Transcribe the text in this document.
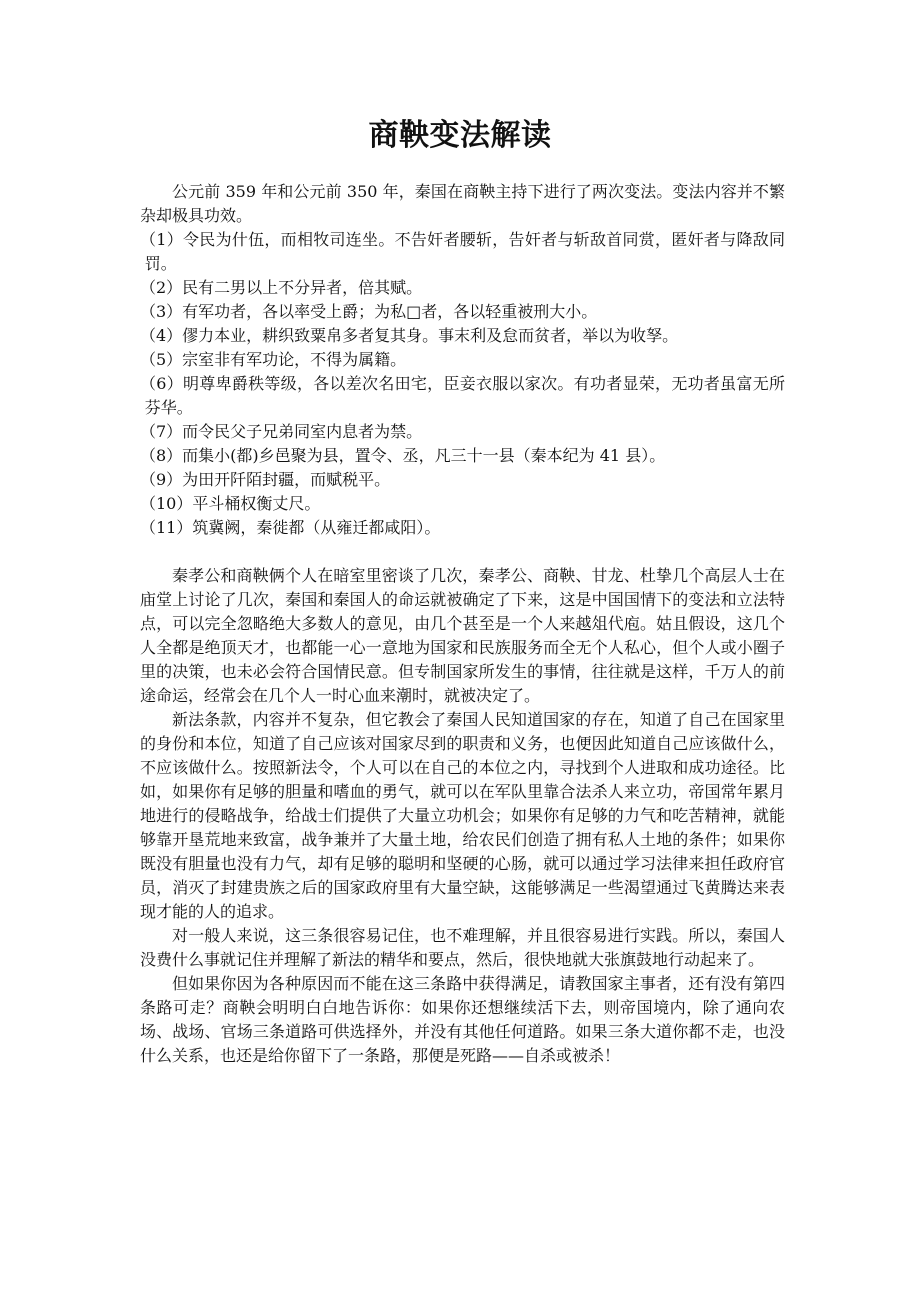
商鞅变法解读

公元前 359 年和公元前 350 年，秦国在商鞅主持下进行了两次变法。变法内容并不繁杂却极具功效。

（1）令民为什伍，而相牧司连坐。不告奸者腰斩，告奸者与斩敌首同赏，匿奸者与降敌同罚。
（2）民有二男以上不分异者，倍其赋。
（3）有军功者，各以率受上爵；为私□者，各以轻重被刑大小。
（4）僇力本业，耕织致粟帛多者复其身。事末利及怠而贫者，举以为收孥。
（5）宗室非有军功论，不得为属籍。
（6）明尊卑爵秩等级，各以差次名田宅，臣妾衣服以家次。有功者显荣，无功者虽富无所芬华。
（7）而令民父子兄弟同室内息者为禁。
（8）而集小(都)乡邑聚为县，置令、丞，凡三十一县（秦本纪为 41 县）。
（9）为田开阡陌封疆，而赋税平。
（10）平斗桶权衡丈尺。
（11）筑冀阙，秦徙都（从雍迁都咸阳）。

秦孝公和商鞅俩个人在暗室里密谈了几次，秦孝公、商鞅、甘龙、杜挚几个高层人士在庙堂上讨论了几次，秦国和秦国人的命运就被确定了下来，这是中国国情下的变法和立法特点，可以完全忽略绝大多数人的意见，由几个甚至是一个人来越俎代庖。姑且假设，这几个人全都是绝顶天才，也都能一心一意地为国家和民族服务而全无个人私心，但个人或小圈子里的决策，也未必会符合国情民意。但专制国家所发生的事情，往往就是这样，千万人的前途命运，经常会在几个人一时心血来潮时，就被决定了。

新法条款，内容并不复杂，但它教会了秦国人民知道国家的存在，知道了自己在国家里的身份和本位，知道了自己应该对国家尽到的职责和义务，也便因此知道自己应该做什么，不应该做什么。按照新法令，个人可以在自己的本位之内，寻找到个人进取和成功途径。比如，如果你有足够的胆量和嗜血的勇气，就可以在军队里靠合法杀人来立功，帝国常年累月地进行的侵略战争，给战士们提供了大量立功机会；如果你有足够的力气和吃苦精神，就能够靠开垦荒地来致富，战争兼并了大量土地，给农民们创造了拥有私人土地的条件；如果你既没有胆量也没有力气，却有足够的聪明和坚硬的心肠，就可以通过学习法律来担任政府官员，消灭了封建贵族之后的国家政府里有大量空缺，这能够满足一些渴望通过飞黄腾达来表现才能的人的追求。

对一般人来说，这三条很容易记住，也不难理解，并且很容易进行实践。所以，秦国人没费什么事就记住并理解了新法的精华和要点，然后，很快地就大张旗鼓地行动起来了。

但如果你因为各种原因而不能在这三条路中获得满足，请教国家主事者，还有没有第四条路可走？商鞅会明明白白地告诉你：如果你还想继续活下去，则帝国境内，除了通向农场、战场、官场三条道路可供选择外，并没有其他任何道路。如果三条大道你都不走，也没什么关系，也还是给你留下了一条路，那便是死路——自杀或被杀！
